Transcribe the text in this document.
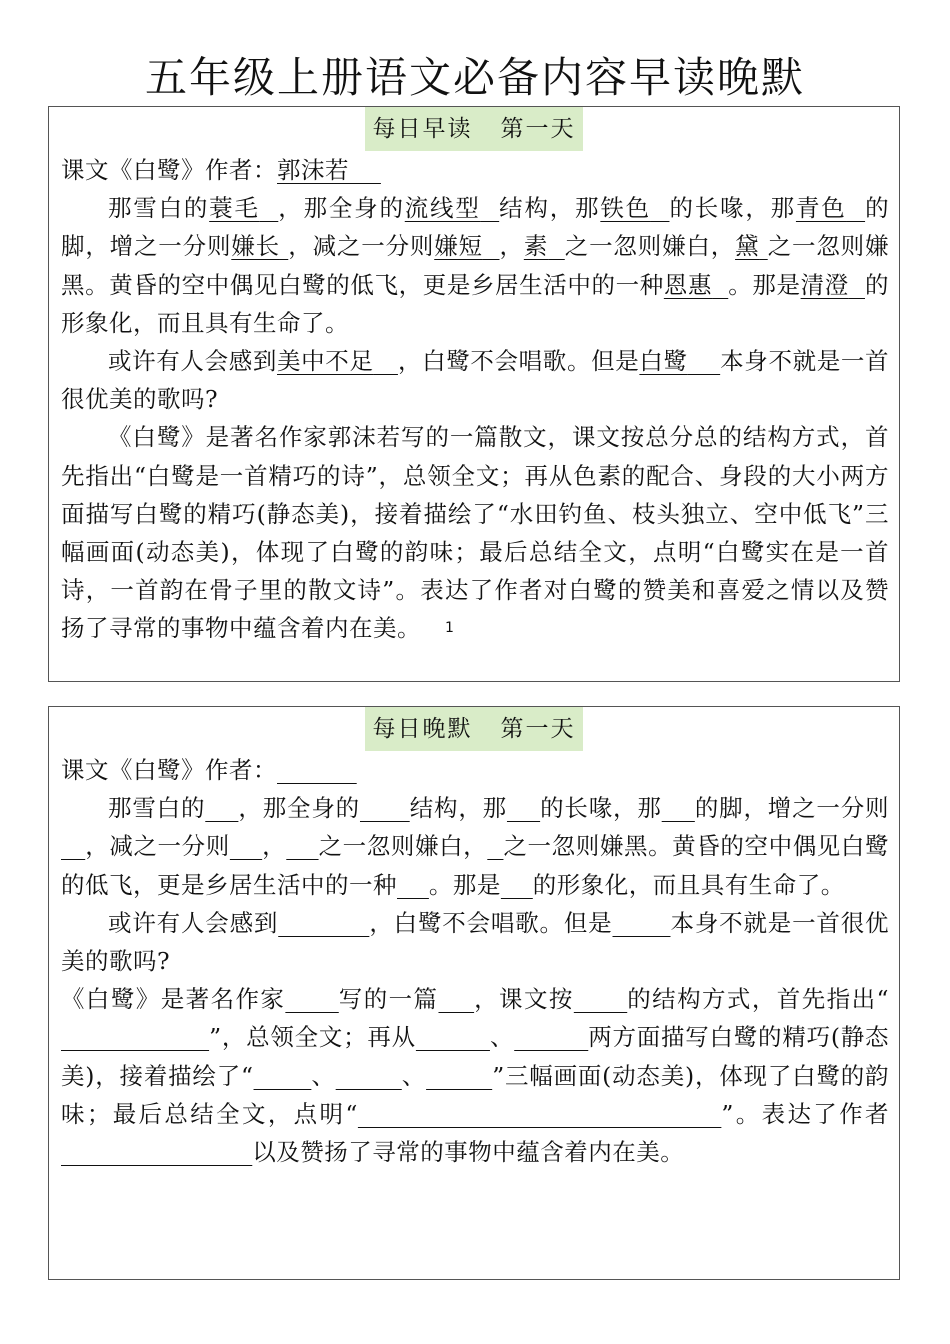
五年级上册语文必备内容早读晚默
每日早读   第一天

课文《白鹭》作者：郭沫若

那雪白的蓑毛 ，那全身的流线型 结构，那铁色 的长喙，那青色 的脚，增之一分则嫌长 ，减之一分则嫌短 ，素 之一忽则嫌白，黛 之一忽则嫌黑。黄昏的空中偶见白鹭的低飞，更是乡居生活中的一种恩惠 。那是清澄 的形象化，而且具有生命了。

或许有人会感到美中不足 ，白鹭不会唱歌。但是白鹭 本身不就是一首很优美的歌吗?

《白鹭》是著名作家郭沫若写的一篇散文，课文按总分总的结构方式，首先指出“白鹭是一首精巧的诗”，总领全文；再从色素的配合、身段的大小两方面描写白鹭的精巧(静态美)，接着描绘了“水田钓鱼、枝头独立、空中低飞”三幅画面(动态美)，体现了白鹭的韵味；最后总结全文，点明“白鹭实在是一首诗，一首韵在骨子里的散文诗”。表达了作者对白鹭的赞美和喜爱之情以及赞扬了寻常的事物中蕴含着内在美。 1

每日晚默   第一天

课文《白鹭》作者：

那雪白的 ，那全身的 结构，那 的长喙，那 的脚，增之一分则   ，减之一分则 ， 之一忽则嫌白， 之一忽则嫌黑。黄昏的空中偶见白鹭的低飞，更是乡居生活中的一种 。那是 的形象化，而且具有生命了。

或许有人会感到	，白鹭不会唱歌。但是 本身不就是一首很优美的歌吗?

《白鹭》是著名作家 写的一篇 ，课文按 的结构方式，首先指出“                  ”，总领全文；再从	、	两方面描写白鹭的精巧(静态美)，接着描绘了“ 、	、	”三幅画面(动态美)，体现了白鹭的韵味；最后总结全文，点明“	”。表达了作者                        以及赞扬了寻常的事物中蕴含着内在美。
